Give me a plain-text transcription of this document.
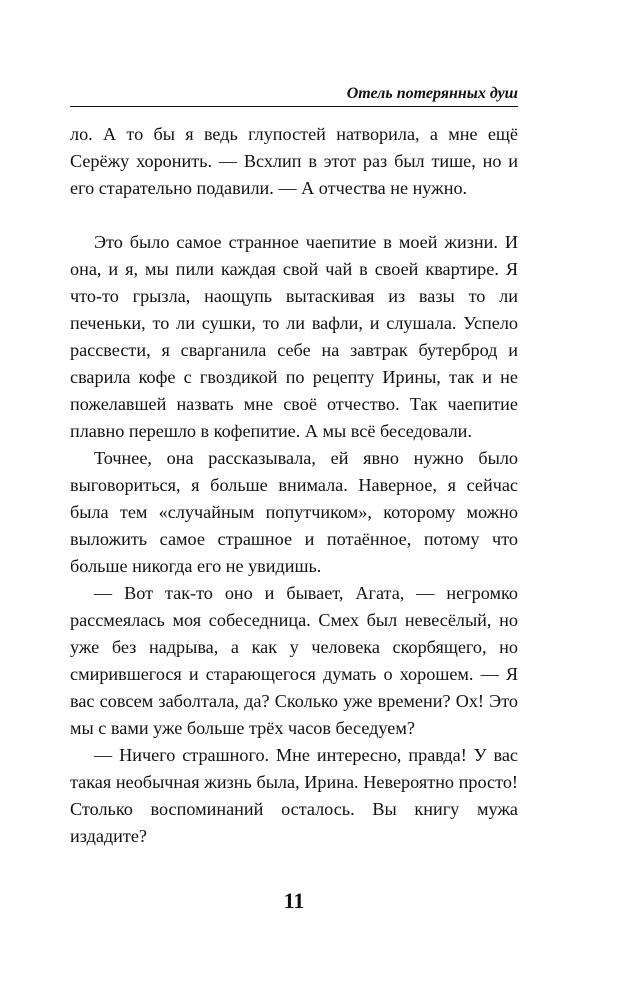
Отель потерянных душ

ло. А то бы я ведь глупостей натворила, а мне ещё Серёжу хоронить. — Всхлип в этот раз был тише, но и его старательно подавили. — А отчества не нужно.

Это было самое странное чаепитие в моей жизни. И она, и я, мы пили каждая свой чай в своей квартире. Я что-то грызла, наощупь вытаскивая из вазы то ли печеньки, то ли сушки, то ли вафли, и слушала. Успело рассвести, я сварганила себе на завтрак бутерброд и сварила кофе с гвоздикой по рецепту Ирины, так и не пожелавшей назвать мне своё отчество. Так чаепитие плавно перешло в кофепитие. А мы всё беседовали.

Точнее, она рассказывала, ей явно нужно было выговориться, я больше внимала. Наверное, я сейчас была тем «случайным попутчиком», которому можно выложить самое страшное и потаённое, потому что больше никогда его не увидишь.

— Вот так-то оно и бывает, Агата, — негромко рассмеялась моя собеседница. Смех был невесёлый, но уже без надрыва, а как у человека скорбящего, но смирившегося и старающегося думать о хорошем. — Я вас совсем заболтала, да? Сколько уже времени? Ох! Это мы с вами уже больше трёх часов беседуем?

— Ничего страшного. Мне интересно, правда! У вас такая необычная жизнь была, Ирина. Невероятно просто! Столько воспоминаний осталось. Вы книгу мужа издадите?

11
